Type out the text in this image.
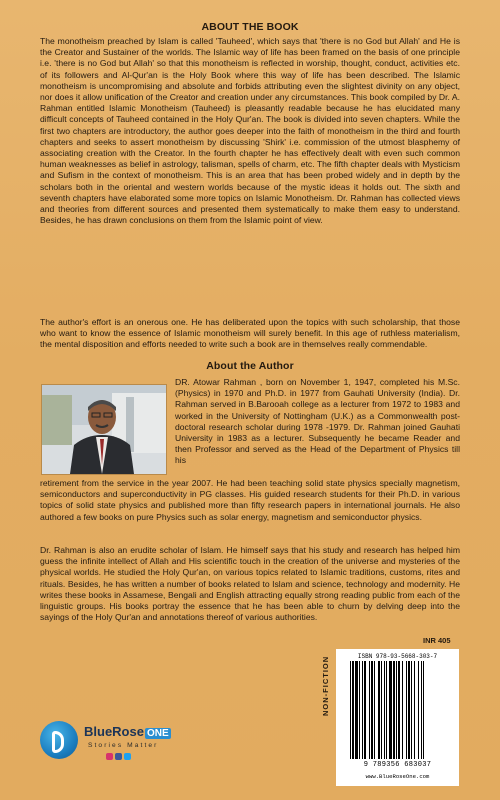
ABOUT THE BOOK

The monotheism preached by Islam is called 'Tauheed', which says that 'there is no God but Allah' and He is the Creator and Sustainer of the worlds. The Islamic way of life has been framed on the basis of one principle i.e. 'there is no God but Allah' so that this monotheism is reflected in worship, thought, conduct, activities etc. of its followers and Al-Qur'an is the Holy Book where this way of life has been described. The Islamic monotheism is uncompromising and absolute and forbids attributing even the slightest divinity on any object, nor does it allow unification of the Creator and creation under any circumstances. This book compiled by Dr. A. Rahman entitled Islamic Monotheism (Tauheed) is pleasantly readable because he has elucidated many difficult concepts of Tauheed contained in the Holy Qur'an. The book is divided into seven chapters. While the first two chapters are introductory, the author goes deeper into the faith of monotheism in the third and fourth chapters and seeks to assert monotheism by discussing 'Shirk' i.e. commission of the utmost blasphemy of associating creation with the Creator. In the fourth chapter he has effectively dealt with even such common human weaknesses as belief in astrology, talisman, spells of charm, etc. The fifth chapter deals with Mysticism and Sufism in the context of monotheism. This is an area that has been probed widely and in depth by the scholars both in the oriental and western worlds because of the mystic ideas it holds out. The sixth and seventh chapters have elaborated some more topics on Islamic Monotheism. Dr. Rahman has collected views and theories from different sources and presented them systematically to make them easy to understand. Besides, he has drawn conclusions on them from the Islamic point of view.

The author's effort is an onerous one. He has deliberated upon the topics with such scholarship, that those who want to know the essence of Islamic monotheism will surely benefit. In this age of ruthless materialism, the mental disposition and efforts needed to write such a book are in themselves really commendable.

About the Author

DR. Atowar Rahman , born on November 1, 1947, completed his M.Sc. (Physics) in 1970 and Ph.D. in 1977 from Gauhati University (India). Dr. Rahman served in B.Barooah college as a lecturer from 1972 to 1983 and worked in the University of Nottingham (U.K.) as a Commonwealth post-doctoral research scholar during 1978 -1979. Dr. Rahman joined Gauhati University in 1983 as a lecturer. Subsequently he became Reader and then Professor and served as the Head of the Department of Physics till his

retirement from the service in the year 2007. He had been teaching solid state physics specially magnetism, semiconductors and superconductivity in PG classes. His guided research students for their Ph.D. in various topics of solid state physics and published more than fifty research papers in international journals. He also authored a few books on pure Physics such as solar energy, magnetism and semiconductor physics.

Dr. Rahman is also an erudite scholar of Islam. He himself says that his study and research has helped him guess the infinite intellect of Allah and His scientific touch in the creation of the universe and mysteries of the physical worlds. He studied the Holy Qur'an, on various topics related to Islamic traditions, customs, rites and rituals. Besides, he has written a number of books related to Islam and science, technology and modernity. He writes these books in Assamese, Bengali and English attracting equally strong reading public from each of the linguistic groups. His books portray the essence that he has been able to churn by delving deep into the sayings of the Holy Qur'an and annotations thereof of various authorities.

INR 405
BlueRose ONE
Stories Matter
NON-FICTION	ISBN 978-93-5668-303-7
9 789356 683037
www.BlueRoseOne.com
